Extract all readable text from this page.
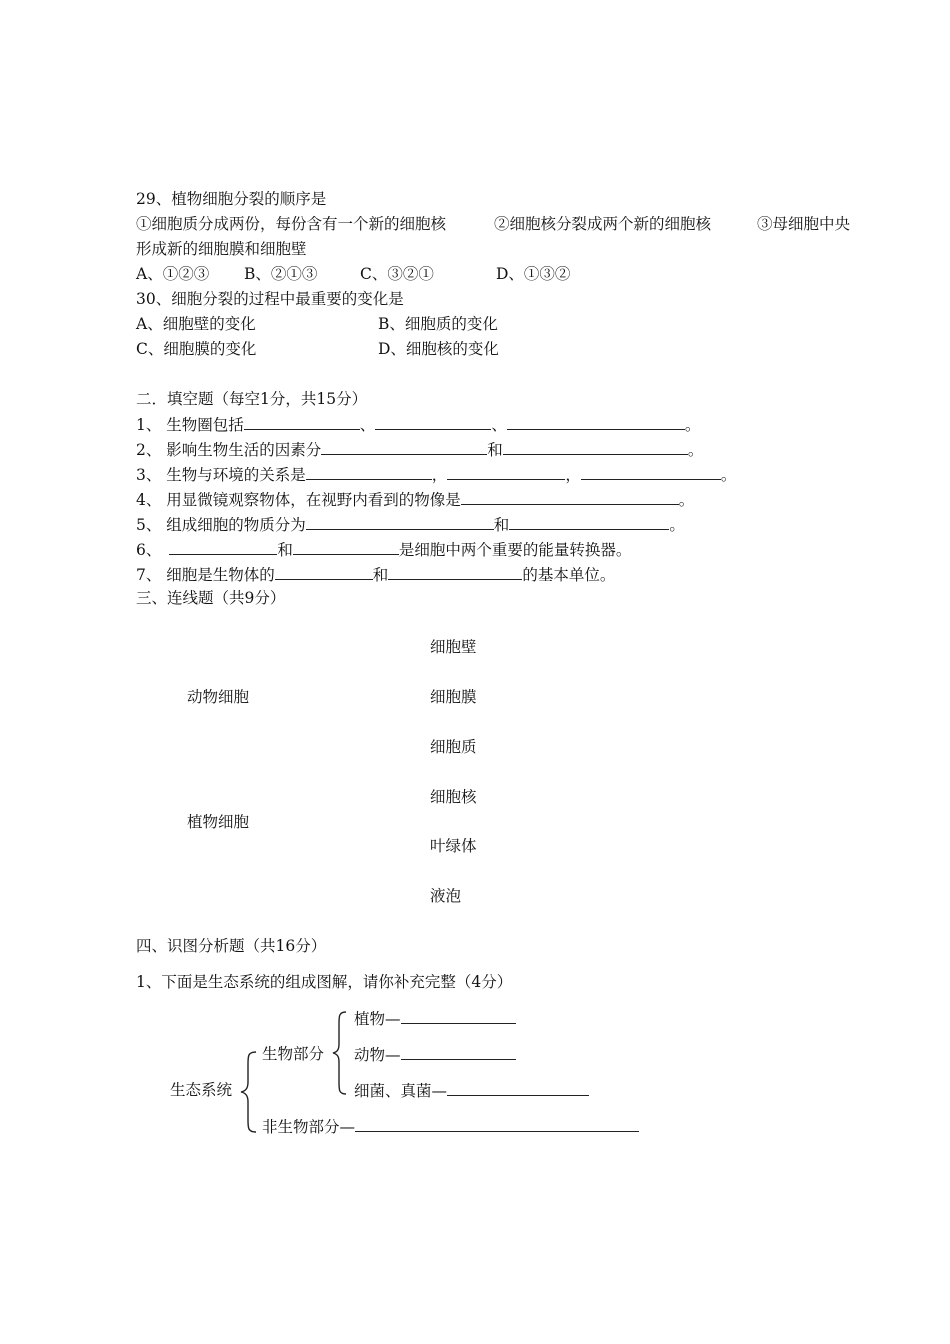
29、植物细胞分裂的顺序是
①细胞质分成两份，每份含有一个新的细胞核	②细胞核分裂成两个新的细胞核	③母细胞中央
形成新的细胞膜和细胞壁
A、①②③ B、②①③	C、③②①	D、①③②
30、细胞分裂的过程中最重要的变化是
A、细胞壁的变化	B、细胞质的变化
C、细胞膜的变化	D、细胞核的变化
二．填空题（每空1分，共15分）
1、 生物圈包括	、	、	。
2、 影响生物生活的因素分	和	。
3、 生物与环境的关系是	，	，	。
4、 用显微镜观察物体，在视野内看到的物像是	。
5、 组成细胞的物质分为	和	。
6、	和	是细胞中两个重要的能量转换器。
7、 细胞是生物体的	和	的基本单位。
三、连线题（共9分）
动物细胞
植物细胞
细胞壁
细胞膜
细胞质
细胞核
叶绿体
液泡
四、识图分析题（共16分）
1、下面是生态系统的组成图解，请你补充完整（4分）
生态系统
生物部分
植物—
动物—
细菌、真菌—
非生物部分—
